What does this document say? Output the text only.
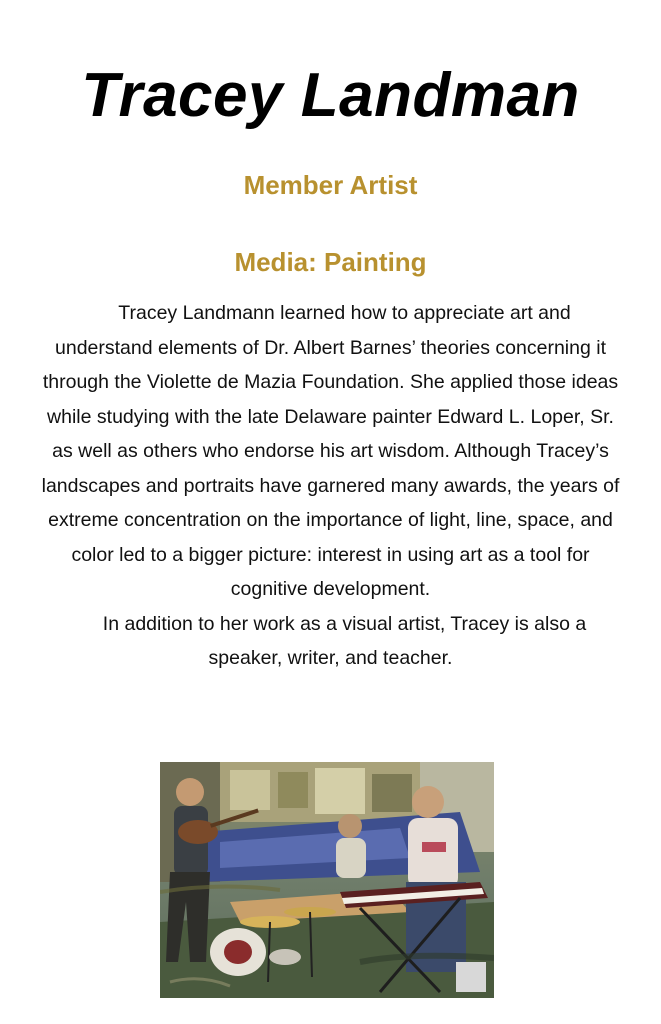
Tracey Landman
Member Artist
Media: Painting

Tracey Landmann learned how to appreciate art and understand elements of Dr. Albert Barnes’ theories concerning it through the Violette de Mazia Foundation. She applied those ideas while studying with the late Delaware painter Edward L. Loper, Sr. as well as others who endorse his art wisdom. Although Tracey’s landscapes and portraits have garnered many awards, the years of extreme concentration on the importance of light, line, space, and color led to a bigger picture: interest in using art as a tool for cognitive development.

In addition to her work as a visual artist, Tracey is also a speaker, writer, and teacher.
